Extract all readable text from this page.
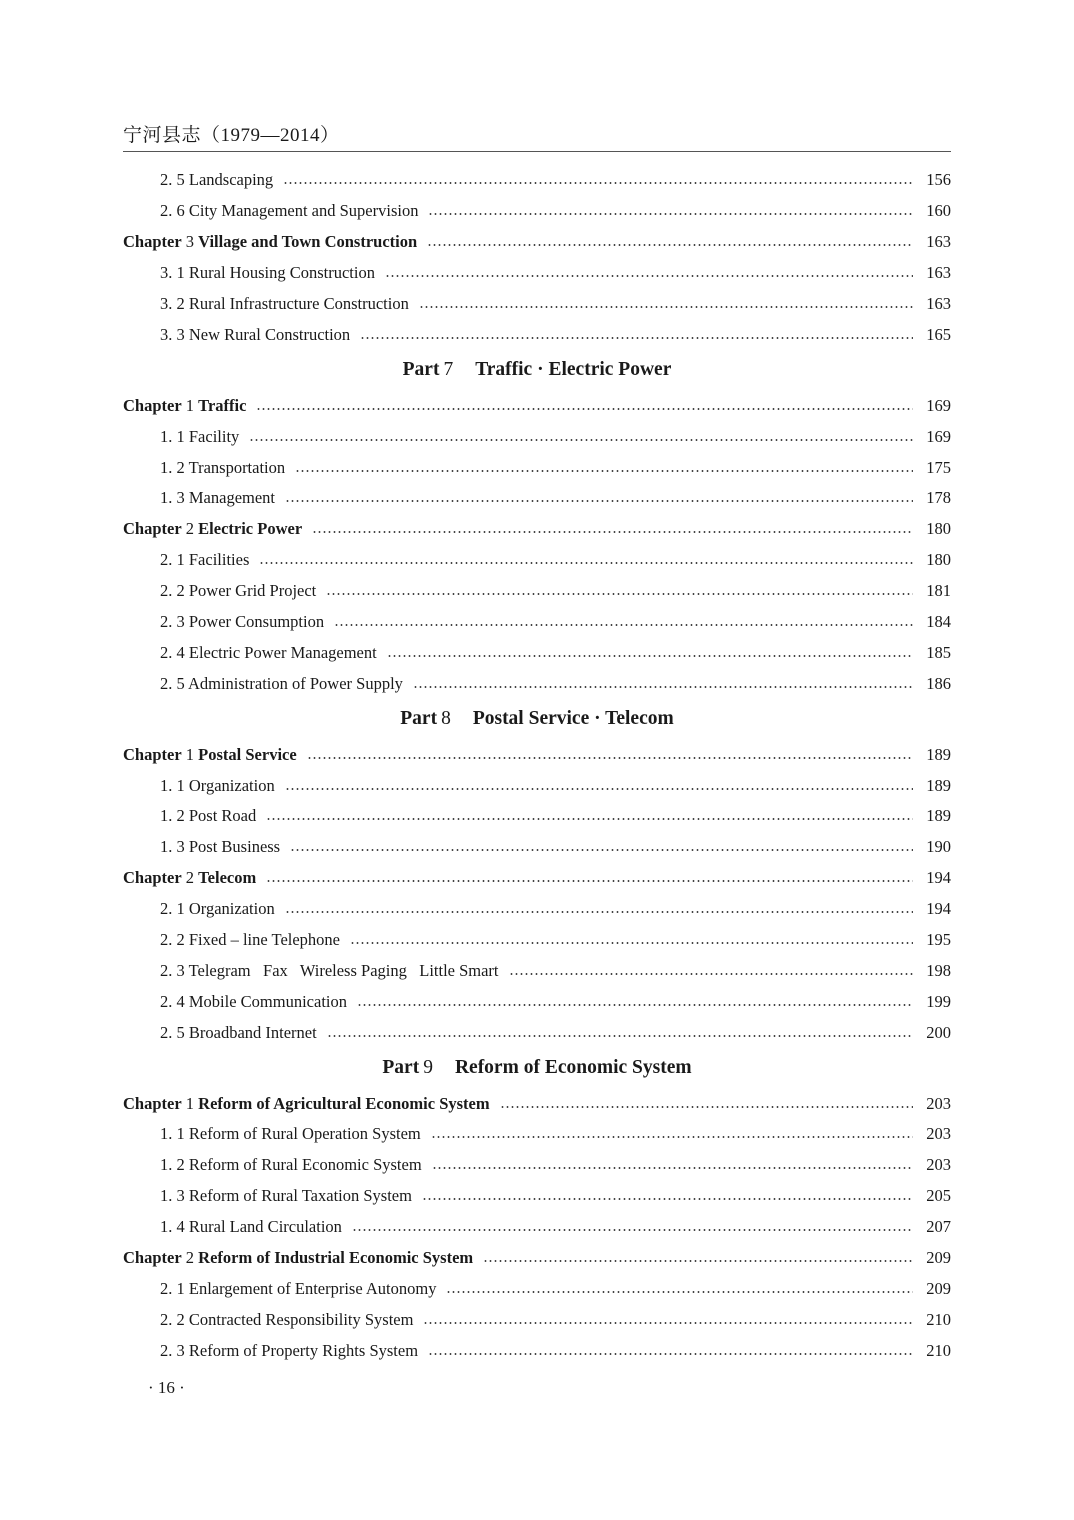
宁河县志（1979—2014）
2. 5 Landscaping	156
2. 6 City Management and Supervision	160
Chapter 3 Village and Town Construction	163
3. 1 Rural Housing Construction	163
3. 2 Rural Infrastructure Construction	163
3. 3 New Rural Construction	165
Part 7 Traffic · Electric Power
Chapter 1 Traffic	169
1. 1 Facility	169
1. 2 Transportation	175
1. 3 Management	178
Chapter 2 Electric Power	180
2. 1 Facilities	180
2. 2 Power Grid Project	181
2. 3 Power Consumption	184
2. 4 Electric Power Management	185
2. 5 Administration of Power Supply	186
Part 8 Postal Service · Telecom
Chapter 1 Postal Service	189
1. 1 Organization	189
1. 2 Post Road	189
1. 3 Post Business	190
Chapter 2 Telecom	194
2. 1 Organization	194
2. 2 Fixed – line Telephone	195
2. 3 Telegram   Fax   Wireless Paging   Little Smart	198
2. 4 Mobile Communication	199
2. 5 Broadband Internet	200
Part 9 Reform of Economic System
Chapter 1 Reform of Agricultural Economic System	203
1. 1 Reform of Rural Operation System	203
1. 2 Reform of Rural Economic System	203
1. 3 Reform of Rural Taxation System	205
1. 4 Rural Land Circulation	207
Chapter 2 Reform of Industrial Economic System	209
2. 1 Enlargement of Enterprise Autonomy	209
2. 2 Contracted Responsibility System	210
2. 3 Reform of Property Rights System	210
· 16 ·
